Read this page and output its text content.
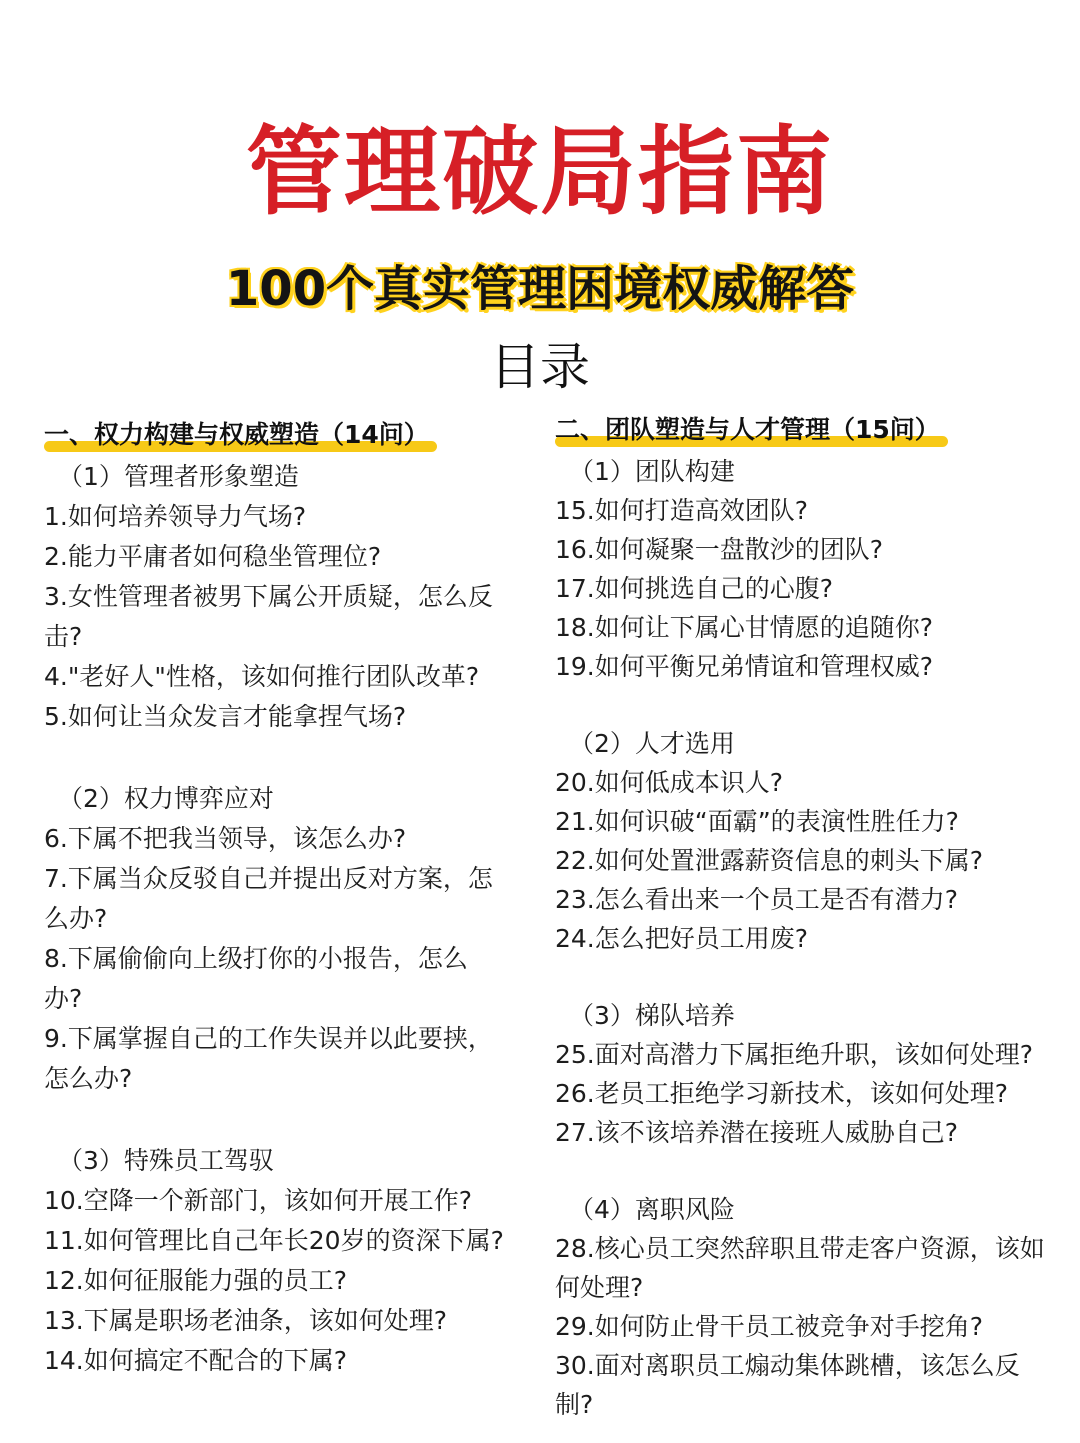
管理破局指南
100个真实管理困境权威解答
目录
一、权力构建与权威塑造（14问）
（1）管理者形象塑造
1.如何培养领导力气场?
2.能力平庸者如何稳坐管理位?
3.女性管理者被男下属公开质疑，怎么反
击?
4."老好人"性格，该如何推行团队改革?
5.如何让当众发言才能拿捏气场?
（2）权力博弈应对
6.下属不把我当领导，该怎么办?
7.下属当众反驳自己并提出反对方案，怎
么办?
8.下属偷偷向上级打你的小报告，怎么
办?
9.下属掌握自己的工作失误并以此要挟，
怎么办?
（3）特殊员工驾驭
10.空降一个新部门，该如何开展工作?
11.如何管理比自己年长20岁的资深下属?
12.如何征服能力强的员工?
13.下属是职场老油条，该如何处理?
14.如何搞定不配合的下属?
二、团队塑造与人才管理（15问）
（1）团队构建
15.如何打造高效团队?
16.如何凝聚一盘散沙的团队?
17.如何挑选自己的心腹?
18.如何让下属心甘情愿的追随你?
19.如何平衡兄弟情谊和管理权威?
（2）人才选用
20.如何低成本识人?
21.如何识破“面霸”的表演性胜任力?
22.如何处置泄露薪资信息的刺头下属?
23.怎么看出来一个员工是否有潜力?
24.怎么把好员工用废?
（3）梯队培养
25.面对高潜力下属拒绝升职，该如何处理?
26.老员工拒绝学习新技术，该如何处理?
27.该不该培养潜在接班人威胁自己?
（4）离职风险
28.核心员工突然辞职且带走客户资源，该如
何处理?
29.如何防止骨干员工被竞争对手挖角?
30.面对离职员工煽动集体跳槽，该怎么反
制?
